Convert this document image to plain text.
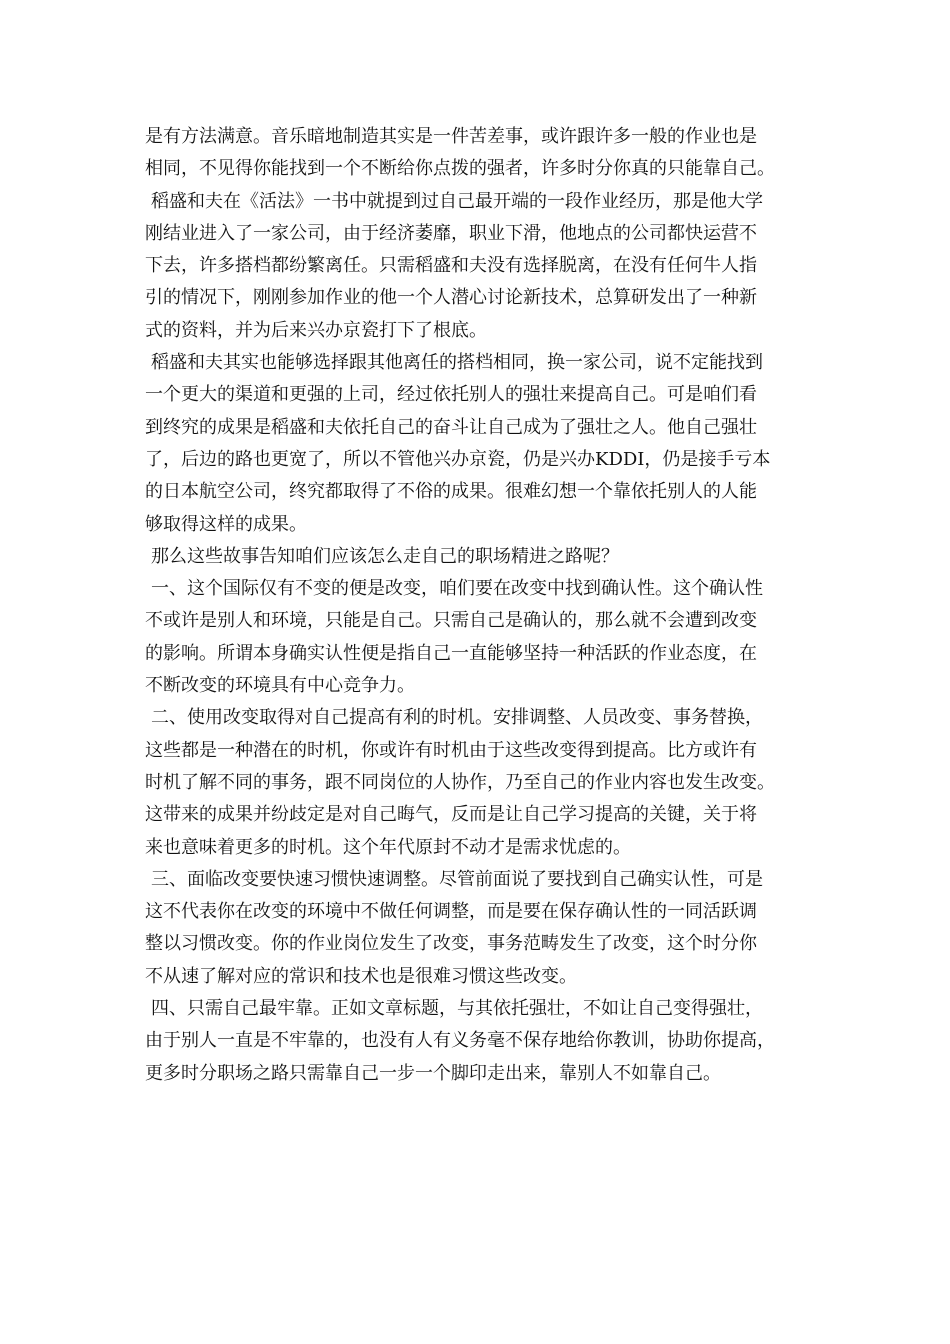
是有方法满意。音乐暗地制造其实是一件苦差事，或许跟许多一般的作业也是
相同，不见得你能找到一个不断给你点拨的强者，许多时分你真的只能靠自己。
稻盛和夫在《活法》一书中就提到过自己最开端的一段作业经历，那是他大学
刚结业进入了一家公司，由于经济萎靡，职业下滑，他地点的公司都快运营不
下去，许多搭档都纷繁离任。只需稻盛和夫没有选择脱离，在没有任何牛人指
引的情况下，刚刚参加作业的他一个人潜心讨论新技术，总算研发出了一种新
式的资料，并为后来兴办京瓷打下了根底。
稻盛和夫其实也能够选择跟其他离任的搭档相同，换一家公司，说不定能找到
一个更大的渠道和更强的上司，经过依托别人的强壮来提高自己。可是咱们看
到终究的成果是稻盛和夫依托自己的奋斗让自己成为了强壮之人。他自己强壮
了，后边的路也更宽了，所以不管他兴办京瓷，仍是兴办KDDI，仍是接手亏本
的日本航空公司，终究都取得了不俗的成果。很难幻想一个靠依托别人的人能
够取得这样的成果。
那么这些故事告知咱们应该怎么走自己的职场精进之路呢？
一、这个国际仅有不变的便是改变，咱们要在改变中找到确认性。这个确认性
不或许是别人和环境，只能是自己。只需自己是确认的，那么就不会遭到改变
的影响。所谓本身确实认性便是指自己一直能够坚持一种活跃的作业态度，在
不断改变的环境具有中心竞争力。
二、使用改变取得对自己提高有利的时机。安排调整、人员改变、事务替换，
这些都是一种潜在的时机，你或许有时机由于这些改变得到提高。比方或许有
时机了解不同的事务，跟不同岗位的人协作，乃至自己的作业内容也发生改变。
这带来的成果并纷歧定是对自己晦气，反而是让自己学习提高的关键，关于将
来也意味着更多的时机。这个年代原封不动才是需求忧虑的。
三、面临改变要快速习惯快速调整。尽管前面说了要找到自己确实认性，可是
这不代表你在改变的环境中不做任何调整，而是要在保存确认性的一同活跃调
整以习惯改变。你的作业岗位发生了改变，事务范畴发生了改变，这个时分你
不从速了解对应的常识和技术也是很难习惯这些改变。
四、只需自己最牢靠。正如文章标题，与其依托强壮，不如让自己变得强壮，
由于别人一直是不牢靠的，也没有人有义务毫不保存地给你教训，协助你提高，
更多时分职场之路只需靠自己一步一个脚印走出来，靠别人不如靠自己。
